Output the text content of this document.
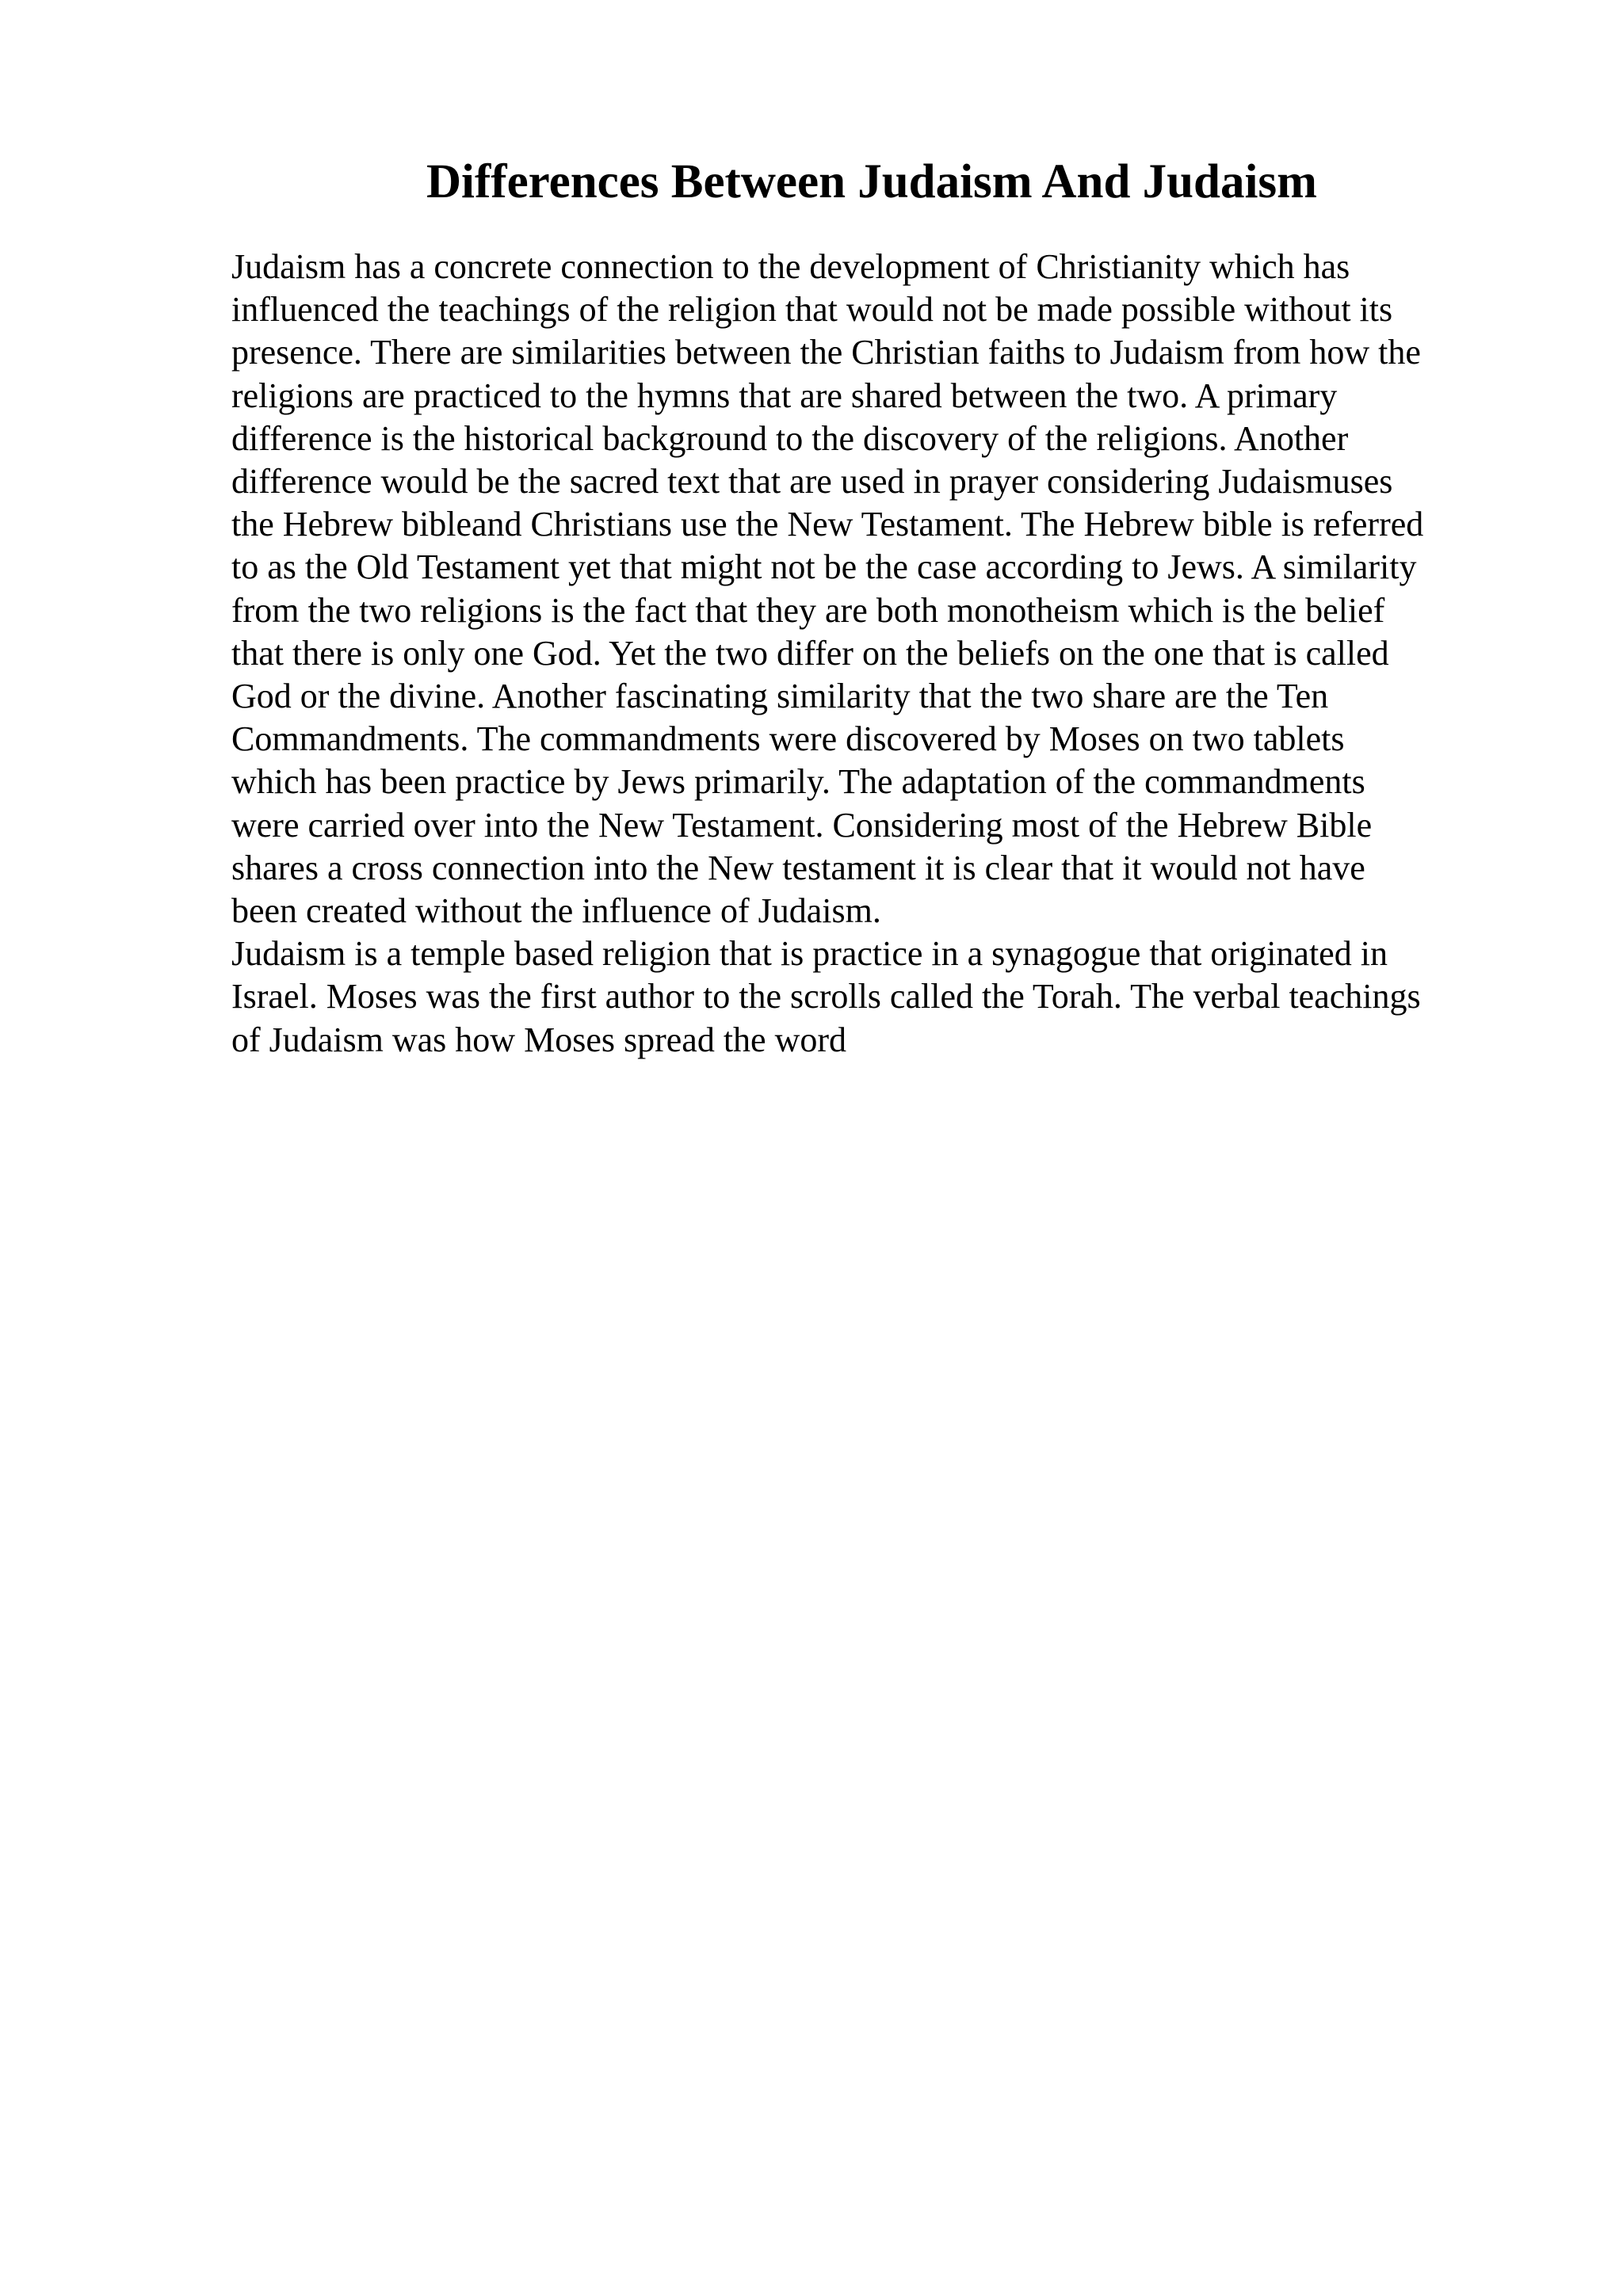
Differences Between Judaism And Judaism
Judaism has a concrete connection to the development of Christianity which has
influenced the teachings of the religion that would not be made possible without its
presence. There are similarities between the Christian faiths to Judaism from how the
religions are practiced to the hymns that are shared between the two. A primary
difference is the historical background to the discovery of the religions. Another
difference would be the sacred text that are used in prayer considering Judaismuses
the Hebrew bibleand Christians use the New Testament. The Hebrew bible is referred
to as the Old Testament yet that might not be the case according to Jews. A similarity
from the two religions is the fact that they are both monotheism which is the belief
that there is only one God. Yet the two differ on the beliefs on the one that is called
God or the divine. Another fascinating similarity that the two share are the Ten
Commandments. The commandments were discovered by Moses on two tablets
which has been practice by Jews primarily. The adaptation of the commandments
were carried over into the New Testament. Considering most of the Hebrew Bible
shares a cross connection into the New testament it is clear that it would not have
been created without the influence of Judaism.
Judaism is a temple based religion that is practice in a synagogue that originated in
Israel. Moses was the first author to the scrolls called the Torah. The verbal teachings
of Judaism was how Moses spread the word
